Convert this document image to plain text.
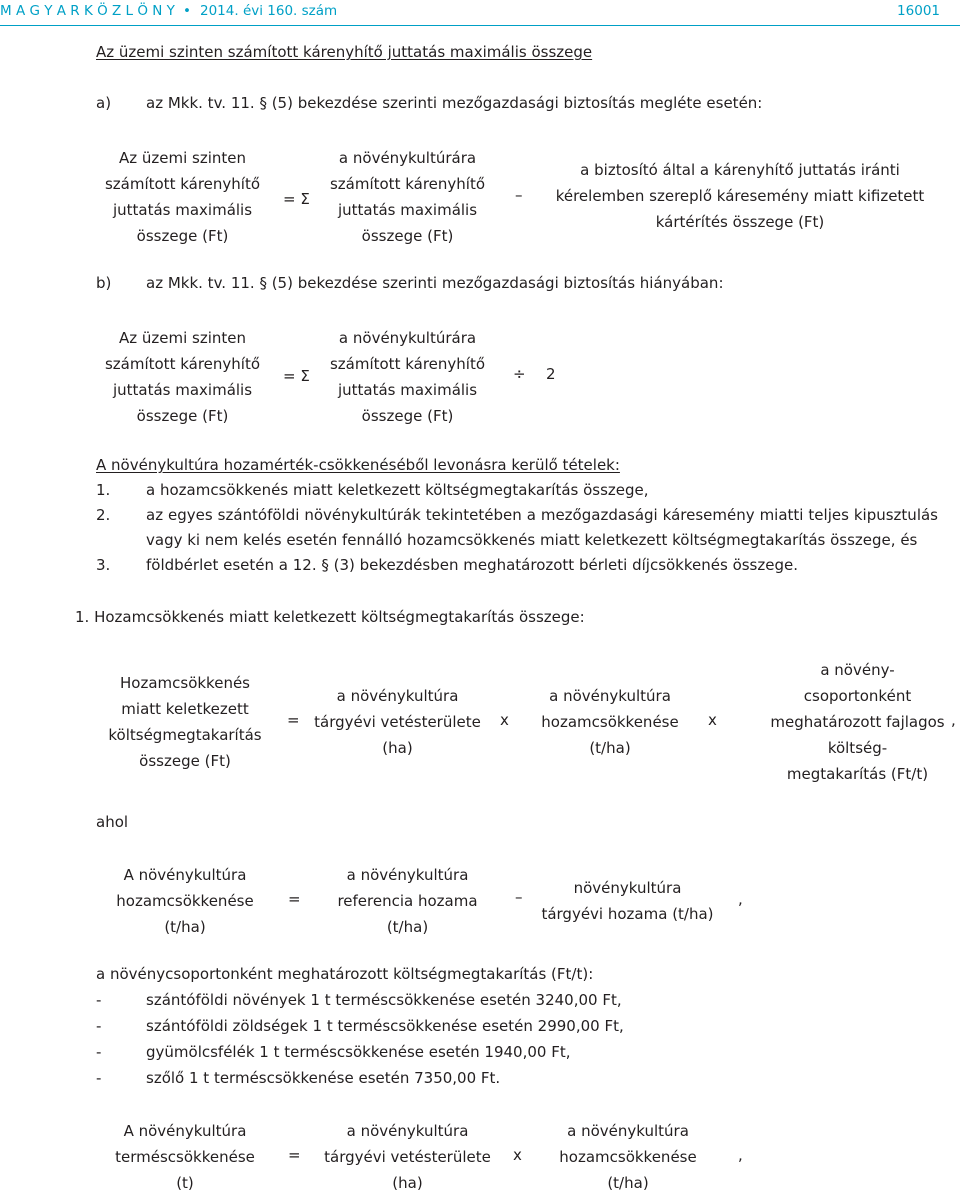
M A G Y A R K Ö Z L Ö N Y • 2014. évi 160. szám	16001
Az üzemi szinten számított kárenyhítő juttatás maximális összege
a) az Mkk. tv. 11. § (5) bekezdése szerinti mezőgazdasági biztosítás megléte esetén:
Az üzemi szinten
számított kárenyhítő
juttatás maximális
összege (Ft)
= Σ
a növénykultúrára
számított kárenyhítő
juttatás maximális
összege (Ft)
–
a biztosító által a kárenyhítő juttatás iránti
kérelemben szereplő káresemény miatt kifizetett
kártérítés összege (Ft)
b) az Mkk. tv. 11. § (5) bekezdése szerinti mezőgazdasági biztosítás hiányában:
Az üzemi szinten
számított kárenyhítő
juttatás maximális
összege (Ft)
= Σ
a növénykultúrára
számított kárenyhítő
juttatás maximális
összege (Ft)
÷ 2
A növénykultúra hozamérték-csökkenéséből levonásra kerülő tételek:
1. a hozamcsökkenés miatt keletkezett költségmegtakarítás összege,
2. az egyes szántóföldi növénykultúrák tekintetében a mezőgazdasági káresemény miatti teljes kipusztulás
vagy ki nem kelés esetén fennálló hozamcsökkenés miatt keletkezett költségmegtakarítás összege, és
3. földbérlet esetén a 12. § (3) bekezdésben meghatározott bérleti díjcsökkenés összege.
1. Hozamcsökkenés miatt keletkezett költségmegtakarítás összege:
Hozamcsökkenés
miatt keletkezett
költségmegtakarítás
összege (Ft)
=
a növénykultúra
tárgyévi vetésterülete
(ha)
x
a növénykultúra
hozamcsökkenése
(t/ha)
x
a növény-
csoportonként
meghatározott fajlagos
költség-
megtakarítás (Ft/t)
,
ahol
A növénykultúra
hozamcsökkenése
(t/ha)
=
a növénykultúra
referencia hozama
(t/ha)
–	növénykultúra
tárgyévi hozama (t/ha)
,
a növénycsoportonként meghatározott költségmegtakarítás (Ft/t):
-	szántóföldi növények 1 t terméscsökkenése esetén 3240,00 Ft,
-	szántóföldi zöldségek 1 t terméscsökkenése esetén 2990,00 Ft,
-	gyümölcsfélék 1 t terméscsökkenése esetén 1940,00 Ft,
-	szőlő 1 t terméscsökkenése esetén 7350,00 Ft.
A növénykultúra
terméscsökkenése
(t)
=
a növénykultúra
tárgyévi vetésterülete
(ha)
x
a növénykultúra
hozamcsökkenése
(t/ha)
,
